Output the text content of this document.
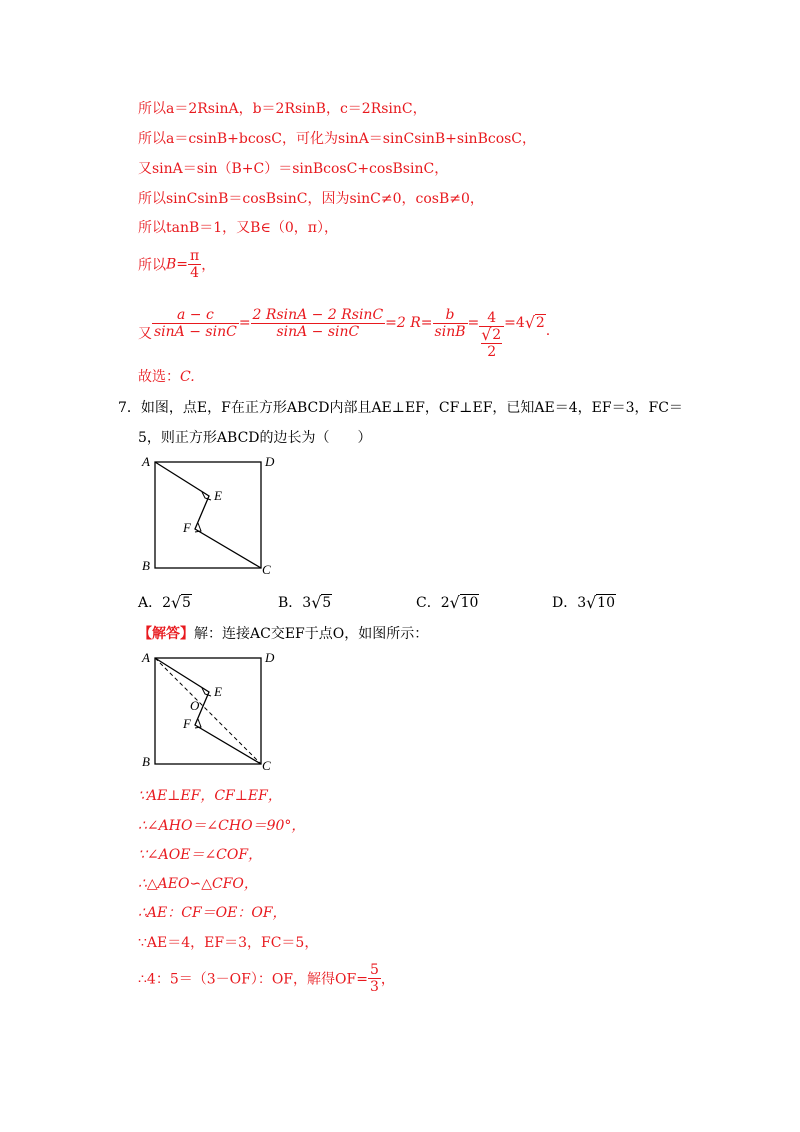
所以a＝2RsinA，b＝2RsinB，c＝2RsinC，
所以a＝csinB+bcosC，可化为sinA＝sinCsinB+sinBcosC，
又sinA＝sin（B+C）＝sinBcosC+cosBsinC，
所以sinCsinB＝cosBsinC，因为sinC≠0，cosB≠0，
所以tanB＝1，又B∈（0，π），
所以$B= \frac{\pi}{4}$ ，
又 $\frac{a - c}{\sin A - \sin C} = \frac{2 RsinA - 2 RsinC}{\sin A - \sin C} =2$ $R= \frac{b}{\sin B} = 4$
√ 2
2 =4 √ 2.
故选：C.
7．如图，点E，F在正方形ABCD内部且AE⊥EF，CF⊥EF，已知AE＝4，EF＝3，FC＝
5，则正方形ABCD的边长为（　　）
A	D
B	C
E
F
A．2 √ 5	B．3 √ 5	C．2 √ 10	D．3 √ 10
【解答】解：连接AC交EF于点O，如图所示：
A	D
B	C
E
F
O
∵AE⊥EF，CF⊥EF，
∴∠AHO＝∠CHO＝90°，
∵∠AOE＝∠COF，
∴△AEO∽△CFO，
∴AE：CF＝OE：OF，
∵AE＝4，EF＝3，FC＝5，
∴4：5＝（3－OF）：OF，解得$OF= \frac{5}{3}$ ，
